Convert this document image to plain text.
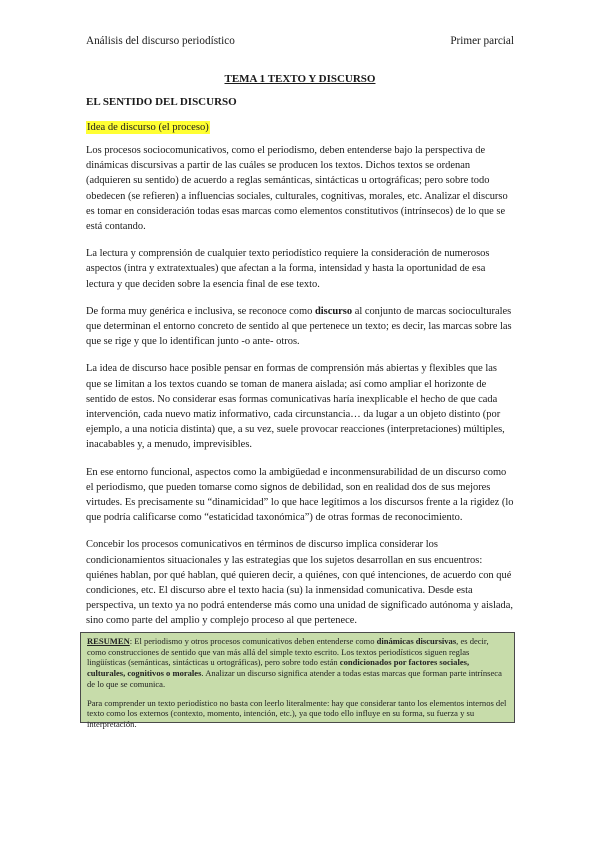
Análisis del discurso periodístico	Primer parcial
TEMA 1 TEXTO Y DISCURSO
EL SENTIDO DEL DISCURSO
Idea de discurso (el proceso)

Los procesos sociocomunicativos, como el periodismo, deben entenderse bajo la perspectiva de dinámicas discursivas a partir de las cuáles se producen los textos. Dichos textos se ordenan (adquieren su sentido) de acuerdo a reglas semánticas, sintácticas u ortográficas; pero sobre todo obedecen (se refieren) a influencias sociales, culturales, cognitivas, morales, etc. Analizar el discurso es tomar en consideración todas esas marcas como elementos constitutivos (intrínsecos) de lo que se está contando.

La lectura y comprensión de cualquier texto periodístico requiere la consideración de numerosos aspectos (intra y extratextuales) que afectan a la forma, intensidad y hasta la oportunidad de esa lectura y que deciden sobre la esencia final de ese texto.

De forma muy genérica e inclusiva, se reconoce como discurso al conjunto de marcas socioculturales que determinan el entorno concreto de sentido al que pertenece un texto; es decir, las marcas sobre las que se rige y que lo identifican junto -o ante- otros.

La idea de discurso hace posible pensar en formas de comprensión más abiertas y flexibles que las que se limitan a los textos cuando se toman de manera aislada; así como ampliar el horizonte de sentido de estos. No considerar esas formas comunicativas haría inexplicable el hecho de que cada intervención, cada nuevo matiz informativo, cada circunstancia… da lugar a un objeto distinto (por ejemplo, a una noticia distinta) que, a su vez, suele provocar reacciones (interpretaciones) múltiples, inacabables y, a menudo, imprevisibles.

En ese entorno funcional, aspectos como la ambigüedad e inconmensurabilidad de un discurso como el periodismo, que pueden tomarse como signos de debilidad, son en realidad dos de sus mejores virtudes. Es precisamente su “dinamicidad” lo que hace legítimos a los discursos frente a la rigidez (lo que podría calificarse como “estaticidad taxonómica”) de otras formas de reconocimiento.

Concebir los procesos comunicativos en términos de discurso implica considerar los condicionamientos situacionales y las estrategias que los sujetos desarrollan en sus encuentros: quiénes hablan, por qué hablan, qué quieren decir, a quiénes, con qué intenciones, de acuerdo con qué condiciones, etc. El discurso abre el texto hacia (su) la inmensidad comunicativa. Desde esta perspectiva, un texto ya no podrá entenderse más como una unidad de significado autónoma y aislada, sino como parte del amplio y complejo proceso al que pertenece.

RESUMEN: El periodismo y otros procesos comunicativos deben entenderse como dinámicas discursivas, es decir, como construcciones de sentido que van más allá del simple texto escrito. Los textos periodísticos siguen reglas lingüísticas (semánticas, sintácticas u ortográficas), pero sobre todo están condicionados por factores sociales, culturales, cognitivos o morales. Analizar un discurso significa atender a todas estas marcas que forman parte intrínseca de lo que se comunica.

Para comprender un texto periodístico no basta con leerlo literalmente: hay que considerar tanto los elementos internos del texto como los externos (contexto, momento, intención, etc.), ya que todo ello influye en su forma, su fuerza y su interpretación.
